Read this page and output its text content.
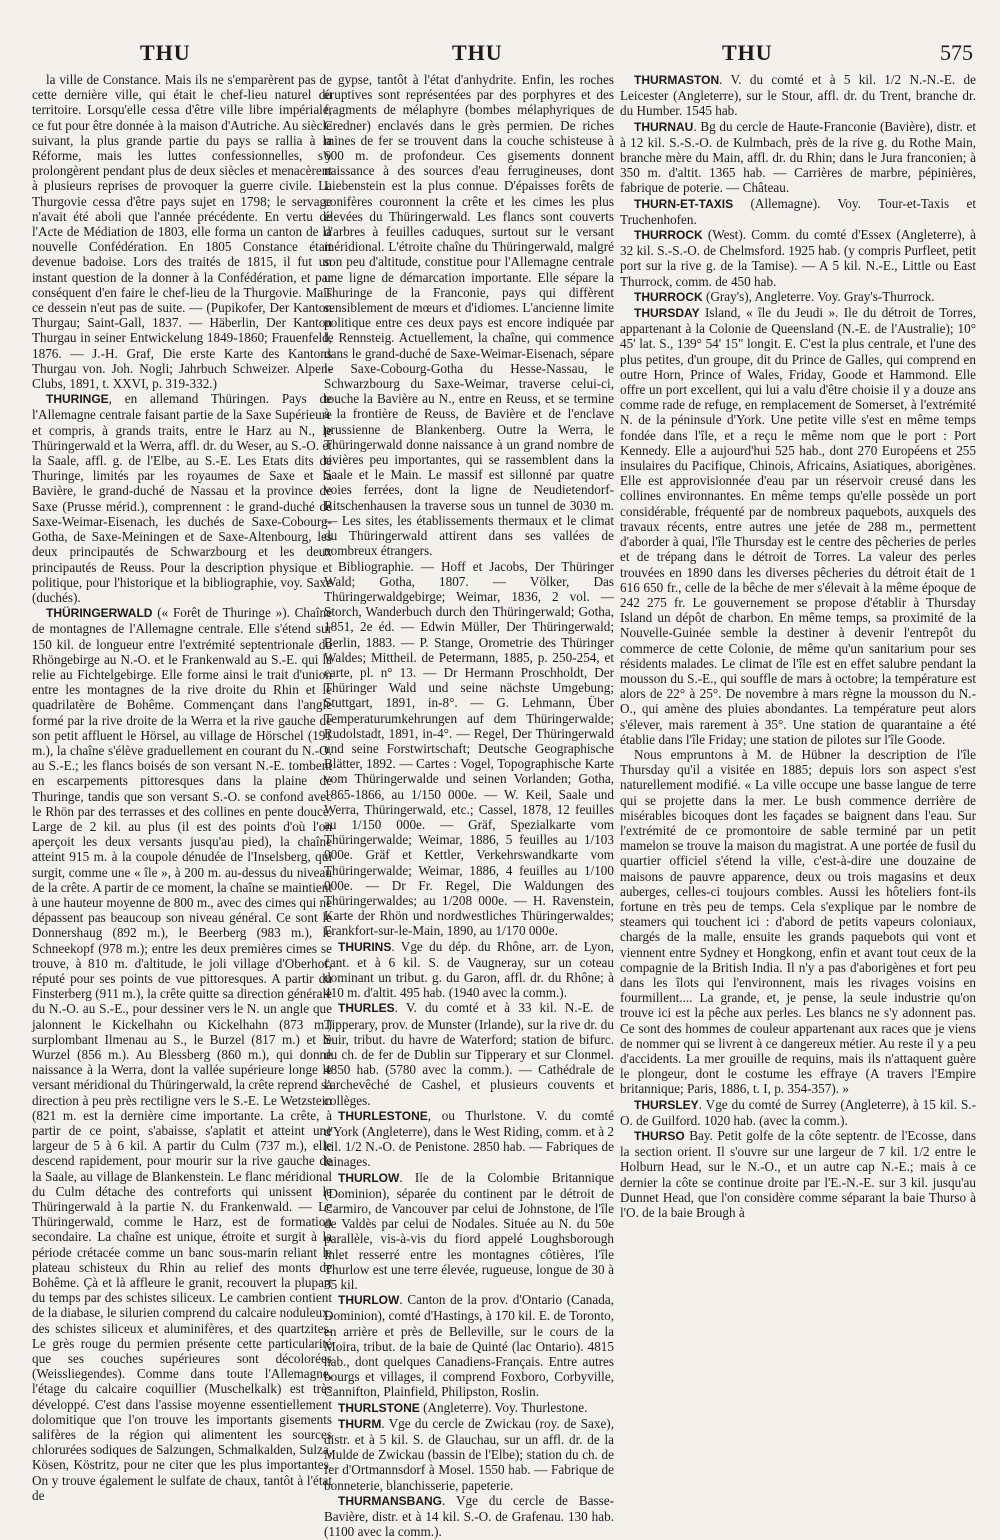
THU	THU	THU	575

la ville de Constance. Mais ils ne s'emparèrent pas de cette dernière ville, qui était le chef-lieu naturel du territoire. Lorsqu'elle cessa d'être ville libre impériale, ce fut pour être donnée à la maison d'Autriche. Au siècle suivant, la plus grande partie du pays se rallia à la Réforme, mais les luttes confessionnelles, s'y prolongèrent pendant plus de deux siècles et menacèrent à plusieurs reprises de provoquer la guerre civile. La Thurgovie cessa d'être pays sujet en 1798; le servage n'avait été aboli que l'année précédente. En vertu de l'Acte de Médiation de 1803, elle forma un canton de la nouvelle Confédération. En 1805 Constance était devenue badoise. Lors des traités de 1815, il fut un instant question de la donner à la Confédération, et par conséquent d'en faire le chef-lieu de la Thurgovie. Mais ce dessein n'eut pas de suite. — (Pupikofer, Der Kanton Thurgau; Saint-Gall, 1837. — Häberlin, Der Kanton Thurgau in seiner Entwickelung 1849-1860; Frauenfeld, 1876. — J.-H. Graf, Die erste Karte des Kantons Thurgau von. Joh. Nogli; Jahrbuch Schweizer. Alpen-Clubs, 1891, t. XXVI, p. 319-332.)

THURINGE, en allemand Thüringen. Pays de l'Allemagne centrale faisant partie de la Saxe Supérieure et compris, à grands traits, entre le Harz au N., le Thüringerwald et la Werra, affl. dr. du Weser, au S.-O. et la Saale, affl. g. de l'Elbe, au S.-E. Les Etats dits de Thuringe, limités par les royaumes de Saxe et la Bavière, le grand-duché de Nassau et la province de Saxe (Prusse mérid.), comprennent : le grand-duché de Saxe-Weimar-Eisenach, les duchés de Saxe-Cobourg-Gotha, de Saxe-Meiningen et de Saxe-Altenbourg, les deux principautés de Schwarzbourg et les deux principautés de Reuss. Pour la description physique et politique, pour l'historique et la bibliographie, voy. Saxe (duchés).

THÜRINGERWALD (« Forêt de Thuringe »). Chaîne de montagnes de l'Allemagne centrale. Elle s'étend sur 150 kil. de longueur entre l'extrémité septentrionale du Rhöngebirge au N.-O. et le Frankenwald au S.-E. qui la relie au Fichtelgebirge. Elle forme ainsi le trait d'union entre les montagnes de la rive droite du Rhin et le quadrilatère de Bohême. Commençant dans l'angle formé par la rive droite de la Werra et la rive gauche de son petit affluent le Hörsel, au village de Hörschel (191 m.), la chaîne s'élève graduellement en courant du N.-O. au S.-E.; les flancs boisés de son versant N.-E. tombent en escarpements pittoresques dans la plaine de Thuringe, tandis que son versant S.-O. se confond avec le Rhön par des terrasses et des collines en pente douce. Large de 2 kil. au plus (il est des points d'où l'on aperçoit les deux versants jusqu'au pied), la chaîne atteint 915 m. à la coupole dénudée de l'Inselsberg, qui surgit, comme une « île », à 200 m. au-dessus du niveau de la crête. A partir de ce moment, la chaîne se maintient à une hauteur moyenne de 800 m., avec des cimes qui ne dépassent pas beaucoup son niveau général. Ce sont le Donnershaug (892 m.), le Beerberg (983 m.), le Schneekopf (978 m.); entre les deux premières cimes se trouve, à 810 m. d'altitude, le joli village d'Oberhof, réputé pour ses points de vue pittoresques. A partir du Finsterberg (911 m.), la crête quitte sa direction générale du N.-O. au S.-E., pour dessiner vers le N. un angle que jalonnent le Kickelhahn ou Kickelhahn (873 m.) surplombant Ilmenau au S., le Burzel (817 m.) et le Wurzel (856 m.). Au Blessberg (860 m.), qui donne naissance à la Werra, dont la vallée supérieure longe le versant méridional du Thüringerwald, la crête reprend sa direction à peu près rectiligne vers le S.-E. Le Wetzstein (821 m. est la dernière cime importante. La crête, à partir de ce point, s'abaisse, s'aplatit et atteint une largeur de 5 à 6 kil. A partir du Culm (737 m.), elle descend rapidement, pour mourir sur la rive gauche de la Saale, au village de Blankenstein. Le flanc méridional du Culm détache des contreforts qui unissent le Thüringerwald à la partie N. du Frankenwald. — Le Thüringerwald, comme le Harz, est de formation secondaire. La chaîne est unique, étroite et surgit à la période crétacée comme un banc sous-marin reliant le plateau schisteux du Rhin au relief des monts de Bohême. Çà et là affleure le granit, recouvert la plupart du temps par des schistes siliceux. Le cambrien contient de la diabase, le silurien comprend du calcaire noduleux, des schistes siliceux et aluminifères, et des quartzites. Le grès rouge du permien présente cette particularité que ses couches supérieures sont décolorées (Weissliegendes). Comme dans toute l'Allemagne, l'étage du calcaire coquillier (Muschelkalk) est très développé. C'est dans l'assise moyenne essentiellement dolomitique que l'on trouve les importants gisements salifères de la région qui alimentent les sources chlorurées sodiques de Salzungen, Schmalkalden, Sulza, Kösen, Köstritz, pour ne citer que les plus importantes. On y trouve également le sulfate de chaux, tantôt à l'état de

gypse, tantôt à l'état d'anhydrite. Enfin, les roches éruptives sont représentées par des porphyres et des fragments de mélaphyre (bombes mélaphyriques de Credner) enclavés dans le grès permien. De riches mines de fer se trouvent dans la couche schisteuse à 600 m. de profondeur. Ces gisements donnent naissance à des sources d'eau ferrugineuses, dont Liebenstein est la plus connue. D'épaisses forêts de conifères couronnent la crête et les cimes les plus élevées du Thüringerwald. Les flancs sont couverts d'arbres à feuilles caduques, surtout sur le versant méridional. L'étroite chaîne du Thüringerwald, malgré son peu d'altitude, constitue pour l'Allemagne centrale une ligne de démarcation importante. Elle sépare la Thuringe de la Franconie, pays qui diffèrent sensiblement de mœurs et d'idiomes. L'ancienne limite politique entre ces deux pays est encore indiquée par le Rennsteig. Actuellement, la chaîne, qui commence dans le grand-duché de Saxe-Weimar-Eisenach, sépare le Saxe-Cobourg-Gotha du Hesse-Nassau, le Schwarzbourg du Saxe-Weimar, traverse celui-ci, touche la Bavière au N., entre en Reuss, et se termine à la frontière de Reuss, de Bavière et de l'enclave prussienne de Blankenberg. Outre la Werra, le Thüringerwald donne naissance à un grand nombre de rivières peu importantes, qui se rassemblent dans la Saale et le Main. Le massif est sillonné par quatre voies ferrées, dont la ligne de Neudietendorf-Ritschenhausen la traverse sous un tunnel de 3030 m. — Les sites, les établissements thermaux et le climat du Thüringerwald attirent dans ses vallées de nombreux étrangers.

Bibliographie. — Hoff et Jacobs, Der Thüringer Wald; Gotha, 1807. — Völker, Das Thüringerwaldgebirge; Weimar, 1836, 2 vol. — Storch, Wanderbuch durch den Thüringerwald; Gotha, 1851, 2e éd. — Edwin Müller, Der Thüringerwald; Berlin, 1883. — P. Stange, Orometrie des Thüringer Waldes; Mittheil. de Petermann, 1885, p. 250-254, et carte, pl. n° 13. — Dr Hermann Proschholdt, Der Thüringer Wald und seine nächste Umgebung; Stuttgart, 1891, in-8°. — G. Lehmann, Über Temperaturumkehrungen auf dem Thüringerwalde; Rudolstadt, 1891, in-4°. — Regel, Der Thüringerwald und seine Forstwirtschaft; Deutsche Geographische Blätter, 1892. — Cartes : Vogel, Topographische Karte vom Thüringerwalde und seinen Vorlanden; Gotha, 1865-1866, au 1/150 000e. — W. Keil, Saale und Werra, Thüringerwald, etc.; Cassel, 1878, 12 feuilles au 1/150 000e. — Gräf, Spezialkarte vom Thüringerwalde; Weimar, 1886, 5 feuilles au 1/103 000e. Gräf et Kettler, Verkehrswandkarte vom Thüringerwalde; Weimar, 1886, 4 feuilles au 1/100 000e. — Dr Fr. Regel, Die Waldungen des Thüringerwaldes; au 1/208 000e. — H. Ravenstein, Karte der Rhön und nordwestliches Thüringerwaldes; Frankfort-sur-le-Main, 1890, au 1/170 000e.

THURINS. Vge du dép. du Rhône, arr. de Lyon, cant. et à 6 kil. S. de Vaugneray, sur un coteau dominant un tribut. g. du Garon, affl. dr. du Rhône; à 410 m. d'altit. 495 hab. (1940 avec la comm.).

THURLES. V. du comté et à 33 kil. N.-E. de Tipperary, prov. de Munster (Irlande), sur la rive dr. du Suir, tribut. du havre de Waterford; station de bifurc. du ch. de fer de Dublin sur Tipperary et sur Clonmel. 4850 hab. (5780 avec la comm.). — Cathédrale de l'archevêché de Cashel, et plusieurs couvents et collèges.

THURLESTONE, ou Thurlstone. V. du comté d'York (Angleterre), dans le West Riding, comm. et à 2 kil. 1/2 N.-O. de Penistone. 2850 hab. — Fabriques de lainages.

THURLOW. Ile de la Colombie Britannique (Dominion), séparée du continent par le détroit de Carmiro, de Vancouver par celui de Johnstone, de l'île de Valdès par celui de Nodales. Située au N. du 50e parallèle, vis-à-vis du fiord appelé Loughsborough Inlet resserré entre les montagnes côtières, l'île Thurlow est une terre élevée, rugueuse, longue de 30 à 35 kil.

THURLOW. Canton de la prov. d'Ontario (Canada, Dominion), comté d'Hastings, à 170 kil. E. de Toronto, en arrière et près de Belleville, sur le cours de la Moira, tribut. de la baie de Quinté (lac Ontario). 4815 hab., dont quelques Canadiens-Français. Entre autres bourgs et villages, il comprend Foxboro, Corbyville, Cannifton, Plainfield, Philipston, Roslin.

THURLSTONE (Angleterre). Voy. Thurlestone.

THURM. Vge du cercle de Zwickau (roy. de Saxe), distr. et à 5 kil. S. de Glauchau, sur un affl. dr. de la Mulde de Zwickau (bassin de l'Elbe); station du ch. de fer d'Ortmannsdorf à Mosel. 1550 hab. — Fabrique de bonneterie, blanchisserie, papeterie.

THURMANSBANG. Vge du cercle de Basse-Bavière, distr. et à 14 kil. S.-O. de Grafenau. 130 hab. (1100 avec la comm.).

THURMASTON. V. du comté et à 5 kil. 1/2 N.-N.-E. de Leicester (Angleterre), sur le Stour, affl. dr. du Trent, branche dr. du Humber. 1545 hab.

THURNAU. Bg du cercle de Haute-Franconie (Bavière), distr. et à 12 kil. S.-S.-O. de Kulmbach, près de la rive g. du Rothe Main, branche mère du Main, affl. dr. du Rhin; dans le Jura franconien; à 350 m. d'altit. 1365 hab. — Carrières de marbre, pépinières, fabrique de poterie. — Château.

THURN-ET-TAXIS (Allemagne). Voy. Tour-et-Taxis et Truchenhofen.

THURROCK (West). Comm. du comté d'Essex (Angleterre), à 32 kil. S.-S.-O. de Chelmsford. 1925 hab. (y compris Purfleet, petit port sur la rive g. de la Tamise). — A 5 kil. N.-E., Little ou East Thurrock, comm. de 450 hab.

THURROCK (Gray's), Angleterre. Voy. Gray's-Thurrock.

THURSDAY Island, « île du Jeudi ». Ile du détroit de Torres, appartenant à la Colonie de Queensland (N.-E. de l'Australie); 10° 45' lat. S., 139° 54' 15" longit. E. C'est la plus centrale, et l'une des plus petites, d'un groupe, dit du Prince de Galles, qui comprend en outre Horn, Prince of Wales, Friday, Goode et Hammond. Elle offre un port excellent, qui lui a valu d'être choisie il y a douze ans comme rade de refuge, en remplacement de Somerset, à l'extrémité N. de la péninsule d'York. Une petite ville s'est en même temps fondée dans l'île, et a reçu le même nom que le port : Port Kennedy. Elle a aujourd'hui 525 hab., dont 270 Européens et 255 insulaires du Pacifique, Chinois, Africains, Asiatiques, aborigènes. Elle est approvisionnée d'eau par un réservoir creusé dans les collines environnantes. En même temps qu'elle possède un port considérable, fréquenté par de nombreux paquebots, auxquels des travaux récents, entre autres une jetée de 288 m., permettent d'aborder à quai, l'île Thursday est le centre des pêcheries de perles et de trépang dans le détroit de Torres. La valeur des perles trouvées en 1890 dans les diverses pêcheries du détroit était de 1 616 650 fr., celle de la bêche de mer s'élevait à la même époque de 242 275 fr. Le gouvernement se propose d'établir à Thursday Island un dépôt de charbon. En même temps, sa proximité de la Nouvelle-Guinée semble la destiner à devenir l'entrepôt du commerce de cette Colonie, de même qu'un sanitarium pour ses résidents malades. Le climat de l'île est en effet salubre pendant la mousson du S.-E., qui souffle de mars à octobre; la température est alors de 22° à 25°. De novembre à mars règne la mousson du N.-O., qui amène des pluies abondantes. La température peut alors s'élever, mais rarement à 35°. Une station de quarantaine a été établie dans l'île Friday; une station de pilotes sur l'île Goode.

Nous empruntons à M. de Hübner la description de l'île Thursday qu'il a visitée en 1885; depuis lors son aspect s'est naturellement modifié. « La ville occupe une basse langue de terre qui se projette dans la mer. Le bush commence derrière de misérables bicoques dont les façades se baignent dans l'eau. Sur l'extrémité de ce promontoire de sable terminé par un petit mamelon se trouve la maison du magistrat. A une portée de fusil du quartier officiel s'étend la ville, c'est-à-dire une douzaine de maisons de pauvre apparence, deux ou trois magasins et deux auberges, celles-ci toujours combles. Aussi les hôteliers font-ils fortune en très peu de temps. Cela s'explique par le nombre de steamers qui touchent ici : d'abord de petits vapeurs coloniaux, chargés de la malle, ensuite les grands paquebots qui vont et viennent entre Sydney et Hongkong, enfin et avant tout ceux de la compagnie de la British India. Il n'y a pas d'aborigènes et fort peu dans les îlots qui l'environnent, mais les rivages voisins en fourmillent.... La grande, et, je pense, la seule industrie qu'on trouve ici est la pêche aux perles. Les blancs ne s'y adonnent pas. Ce sont des hommes de couleur appartenant aux races que je viens de nommer qui se livrent à ce dangereux métier. Au reste il y a peu d'accidents. La mer grouille de requins, mais ils n'attaquent guère le plongeur, dont le costume les effraye (A travers l'Empire britannique; Paris, 1886, t. I, p. 354-357). »

THURSLEY. Vge du comté de Surrey (Angleterre), à 15 kil. S.-O. de Guilford. 1020 hab. (avec la comm.).

THURSO Bay. Petit golfe de la côte septentr. de l'Ecosse, dans la section orient. Il s'ouvre sur une largeur de 7 kil. 1/2 entre le Holburn Head, sur le N.-O., et un autre cap N.-E.; mais à ce dernier la côte se continue droite par l'E.-N.-E. sur 3 kil. jusqu'au Dunnet Head, que l'on considère comme séparant la baie Thurso à l'O. de la baie Brough à
